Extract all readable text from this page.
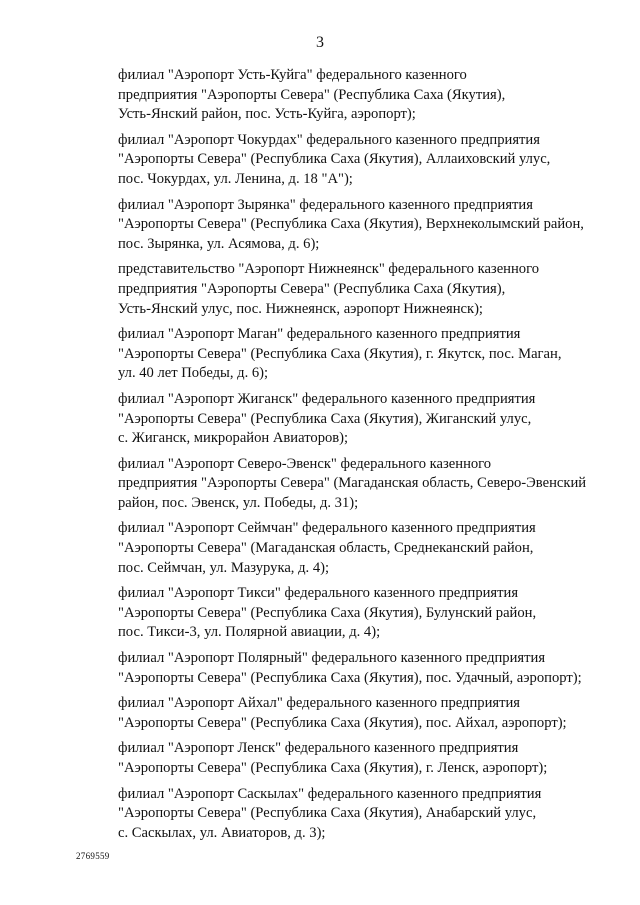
3

филиал "Аэропорт Усть-Куйга" федерального казенного
предприятия "Аэропорты Севера" (Республика Саха (Якутия),
Усть-Янский район, пос. Усть-Куйга, аэропорт);

филиал "Аэропорт Чокурдах" федерального казенного предприятия
"Аэропорты Севера" (Республика Саха (Якутия), Аллаиховский улус,
пос. Чокурдах, ул. Ленина, д. 18 "А");

филиал "Аэропорт Зырянка" федерального казенного предприятия
"Аэропорты Севера" (Республика Саха (Якутия), Верхнеколымский район,
пос. Зырянка, ул. Асямова, д. 6);

представительство "Аэропорт Нижнеянск" федерального казенного
предприятия "Аэропорты Севера" (Республика Саха (Якутия),
Усть-Янский улус, пос. Нижнеянск, аэропорт Нижнеянск);

филиал "Аэропорт Маган" федерального казенного предприятия
"Аэропорты Севера" (Республика Саха (Якутия), г. Якутск, пос. Маган,
ул. 40 лет Победы, д. 6);

филиал "Аэропорт Жиганск" федерального казенного предприятия
"Аэропорты Севера" (Республика Саха (Якутия), Жиганский улус,
с. Жиганск, микрорайон Авиаторов);

филиал "Аэропорт Северо-Эвенск" федерального казенного
предприятия "Аэропорты Севера" (Магаданская область, Северо-Эвенский
район, пос. Эвенск, ул. Победы, д. 31);

филиал "Аэропорт Сеймчан" федерального казенного предприятия
"Аэропорты Севера" (Магаданская область, Среднеканский район,
пос. Сеймчан, ул. Мазурука, д. 4);

филиал "Аэропорт Тикси" федерального казенного предприятия
"Аэропорты Севера" (Республика Саха (Якутия), Булунский район,
пос. Тикси-3, ул. Полярной авиации, д. 4);

филиал "Аэропорт Полярный" федерального казенного предприятия
"Аэропорты Севера" (Республика Саха (Якутия), пос. Удачный, аэропорт);

филиал "Аэропорт Айхал" федерального казенного предприятия
"Аэропорты Севера" (Республика Саха (Якутия), пос. Айхал, аэропорт);

филиал "Аэропорт Ленск" федерального казенного предприятия
"Аэропорты Севера" (Республика Саха (Якутия), г. Ленск, аэропорт);

филиал "Аэропорт Саскылах" федерального казенного предприятия
"Аэропорты Севера" (Республика Саха (Якутия), Анабарский улус,
с. Саскылах, ул. Авиаторов, д. 3);

2769559
